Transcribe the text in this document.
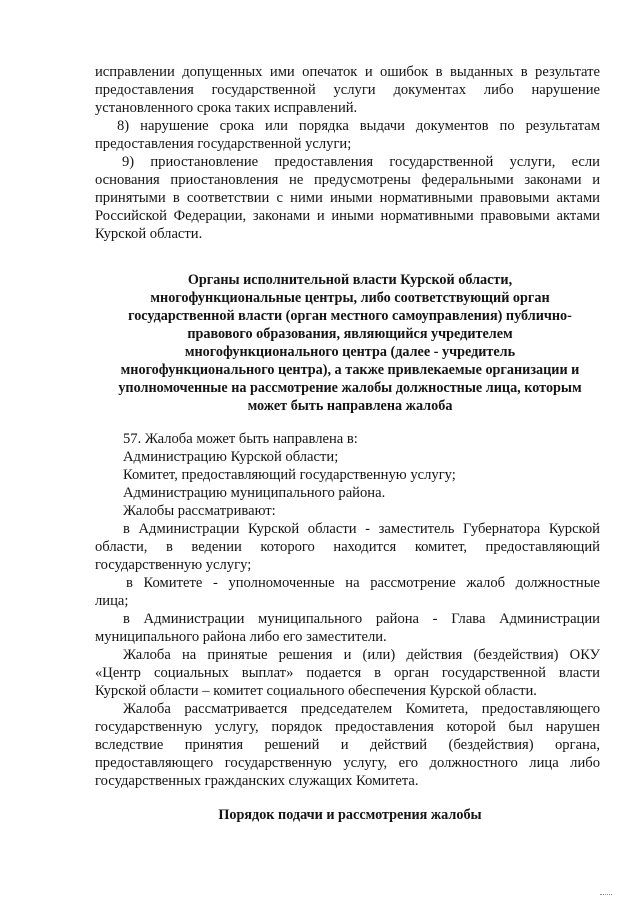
исправлении допущенных ими опечаток и ошибок в выданных в результате
предоставления государственной услуги документах либо нарушение
установленного срока таких исправлений.
8) нарушение срока или порядка выдачи документов по результатам
предоставления государственной услуги;
9) приостановление предоставления государственной услуги, если
основания приостановления не предусмотрены федеральными законами и
принятыми в соответствии с ними иными нормативными правовыми актами
Российской Федерации, законами и иными нормативными правовыми актами
Курской области.
Органы исполнительной власти Курской области,
многофункциональные центры, либо соответствующий орган
государственной власти (орган местного самоуправления) публично-
правового образования, являющийся учредителем
многофункционального центра (далее - учредитель
многофункционального центра), а также привлекаемые организации и
уполномоченные на рассмотрение жалобы должностные лица, которым
может быть направлена жалоба
57. Жалоба может быть направлена в:
Администрацию Курской области;
Комитет, предоставляющий государственную услугу;
Администрацию муниципального района.
Жалобы рассматривают:
в Администрации Курской области - заместитель Губернатора Курской
области, в ведении которого находится комитет, предоставляющий
государственную услугу;
в Комитете - уполномоченные на рассмотрение жалоб должностные
лица;
в Администрации муниципального района - Глава Администрации
муниципального района либо его заместители.
Жалоба на принятые решения и (или) действия (бездействия) ОКУ
«Центр социальных выплат» подается в орган государственной власти
Курской области – комитет социального обеспечения Курской области.
Жалоба рассматривается председателем Комитета, предоставляющего
государственную услугу, порядок предоставления которой был нарушен
вследствие принятия решений и действий (бездействия) органа,
предоставляющего государственную услугу, его должностного лица либо
государственных гражданских служащих Комитета.
Порядок подачи и рассмотрения жалобы
